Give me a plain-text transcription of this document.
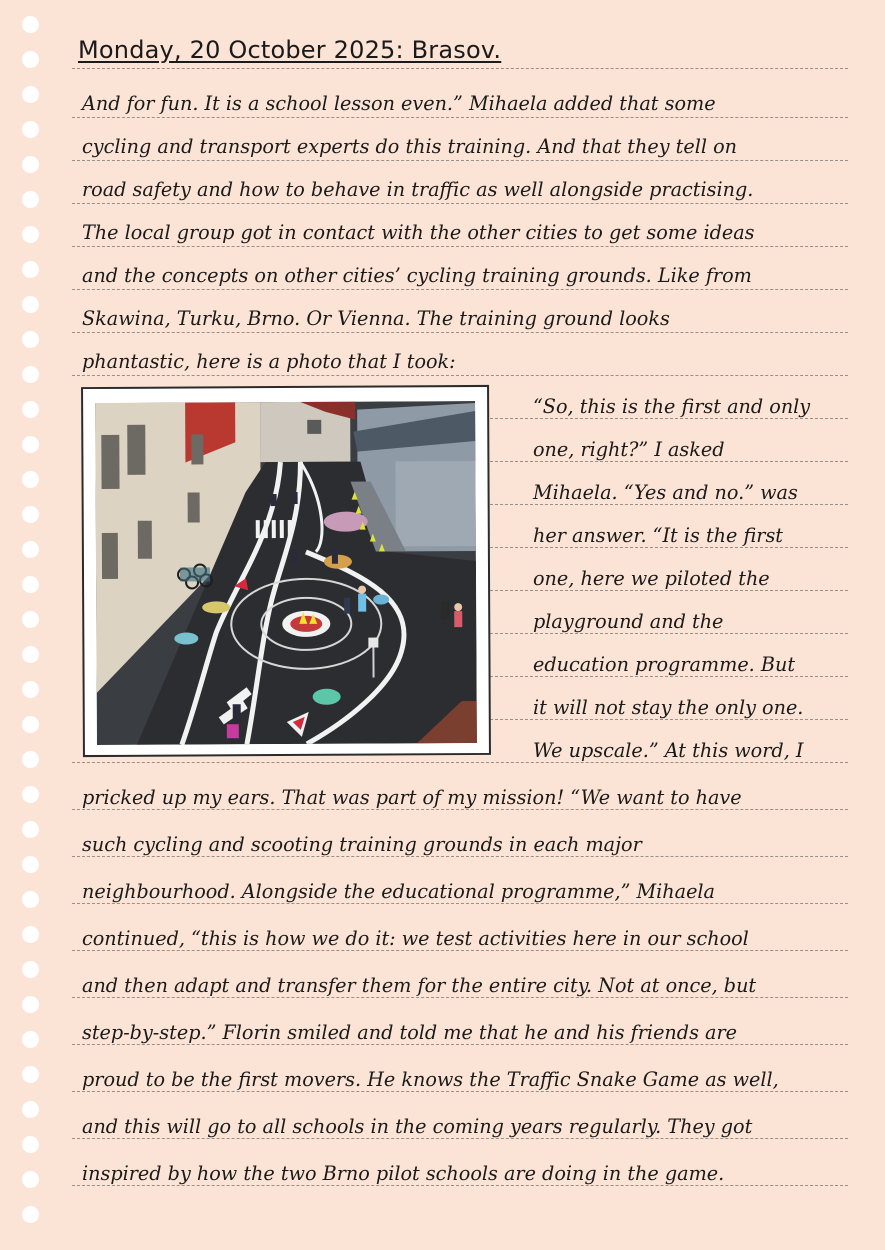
Monday, 20 October 2025: Brasov.
And for fun. It is a school lesson even.” Mihaela added that some
cycling and transport experts do this training. And that they tell on
road safety and how to behave in traffic as well alongside practising.
The local group got in contact with the other cities to get some ideas
and the concepts on other cities’ cycling training grounds. Like from
Skawina, Turku, Brno. Or Vienna. The training ground looks
phantastic, here is a photo that I took:
“So, this is the first and only
one, right?” I asked
Mihaela. “Yes and no.” was
her answer. “It is the first
one, here we piloted the
playground and the
education programme. But
it will not stay the only one.
We upscale.” At this word, I
pricked up my ears. That was part of my mission! “We want to have
such cycling and scooting training grounds in each major
neighbourhood. Alongside the educational programme,” Mihaela
continued, “this is how we do it: we test activities here in our school
and then adapt and transfer them for the entire city. Not at once, but
step-by-step.” Florin smiled and told me that he and his friends are
proud to be the first movers. He knows the Traffic Snake Game as well,
and this will go to all schools in the coming years regularly. They got
inspired by how the two Brno pilot schools are doing in the game.
